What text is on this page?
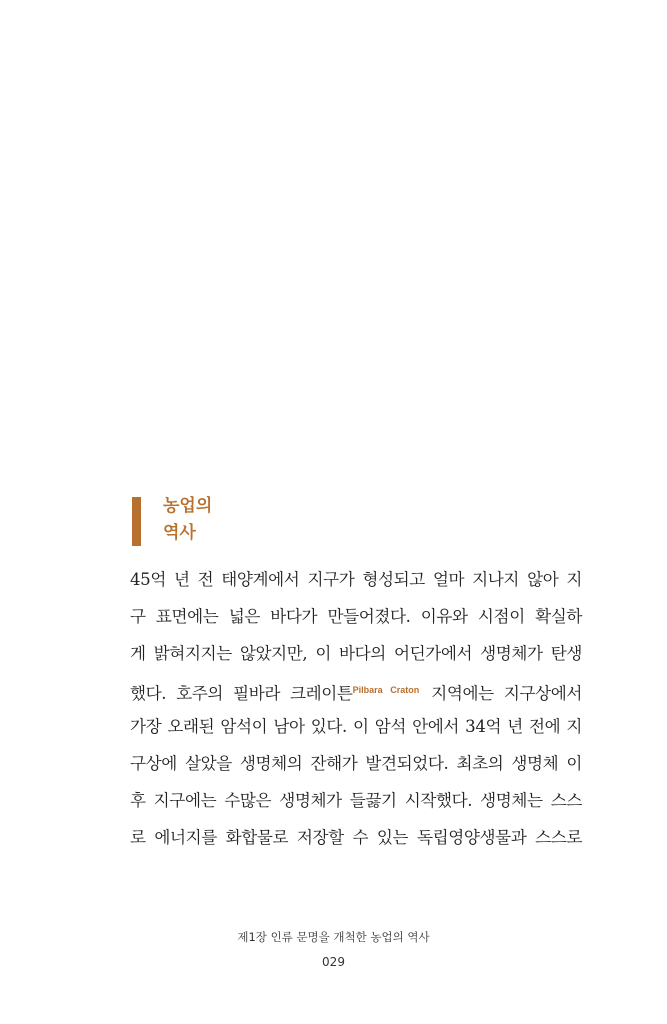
농업의
역사
45억 년 전 태양계에서 지구가 형성되고 얼마 지나지 않아 지
구 표면에는 넓은 바다가 만들어졌다. 이유와 시점이 확실하
게 밝혀지지는 않았지만, 이 바다의 어딘가에서 생명체가 탄생
했다. 호주의 필바라 크레이튼$^{Pilbara Craton}$ 지역에는 지구상에서
가장 오래된 암석이 남아 있다. 이 암석 안에서 34억 년 전에 지
구상에 살았을 생명체의 잔해가 발견되었다. 최초의 생명체 이
후 지구에는 수많은 생명체가 들끓기 시작했다. 생명체는 스스
로 에너지를 화합물로 저장할 수 있는 독립영양생물과 스스로
제1장 인류 문명을 개척한 농업의 역사
029
